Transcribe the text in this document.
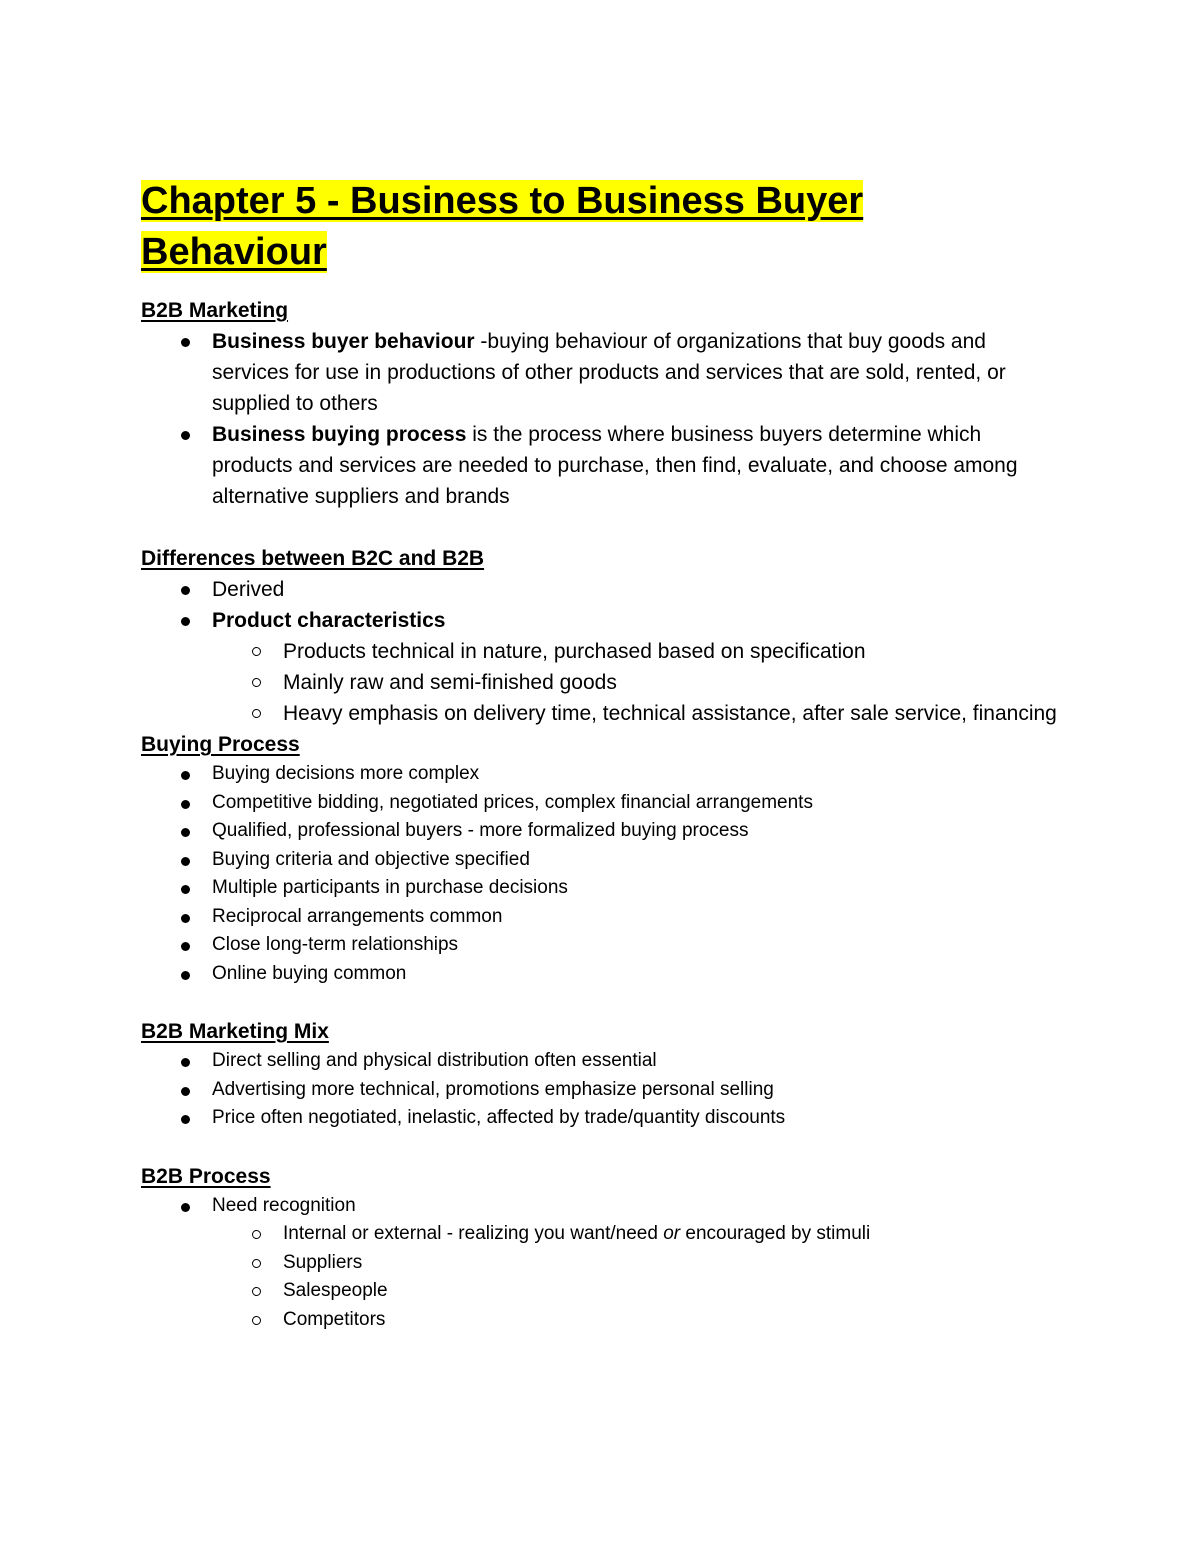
Chapter 5 - Business to Business Buyer
Behaviour
B2B Marketing
Business buyer behaviour -buying behaviour of organizations that buy goods and services for use in productions of other products and services that are sold, rented, or supplied to others
Business buying process is the process where business buyers determine which products and services are needed to purchase, then find, evaluate, and choose among alternative suppliers and brands
Differences between B2C and B2B
Derived
Product characteristics
Products technical in nature, purchased based on specification
Mainly raw and semi-finished goods
Heavy emphasis on delivery time, technical assistance, after sale service, financing
Buying Process
Buying decisions more complex
Competitive bidding, negotiated prices, complex financial arrangements
Qualified, professional buyers - more formalized buying process
Buying criteria and objective specified
Multiple participants in purchase decisions
Reciprocal arrangements common
Close long-term relationships
Online buying common
B2B Marketing Mix
Direct selling and physical distribution often essential
Advertising more technical, promotions emphasize personal selling
Price often negotiated, inelastic, affected by trade/quantity discounts
B2B Process
Need recognition
Internal or external - realizing you want/need or encouraged by stimuli
Suppliers
Salespeople
Competitors
